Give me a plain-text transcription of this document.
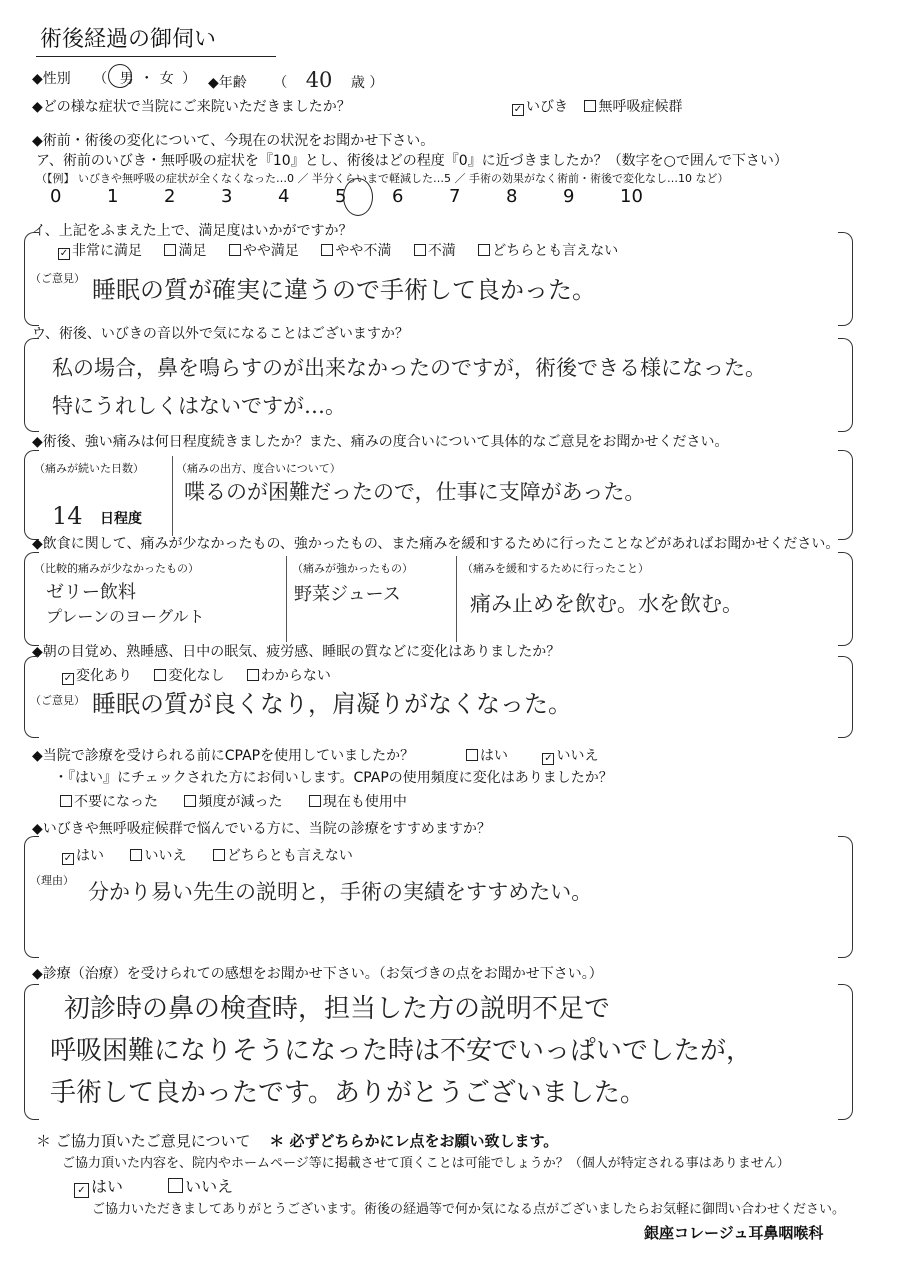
術後経過の御伺い
◆性別 （ 男 ・ 女 ） ◆年齢 （ 40 歳 ）
◆どの様な症状で当院にご来院いただきましたか？	✓ いびき 無呼吸症候群
◆術前・術後の変化について、今現在の状況をお聞かせ下さい。
ア、術前のいびき・無呼吸の症状を『10』とし、術後はどの程度『0』に近づきましたか？（数字を○で囲んで下さい）
（【例】 いびきや無呼吸の症状が全くなくなった…0 ／ 半分くらいまで軽減した…5 ／ 手術の効果がなく術前・術後で変化なし…10 など）
0	1	2	3	4	5	6	7	8	9	10
イ、上記をふまえた上で、満足度はいかがですか？
✓ 非常に満足	満足	やや満足	やや不満	不満	どちらとも言えない
（ご意見） 睡眠の質が確実に違うので手術して良かった。
ウ、術後、いびきの音以外で気になることはございますか？
私の場合，鼻を鳴らすのが出来なかったのですが，術後できる様になった。
特にうれしくはないですが…。
◆術後、強い痛みは何日程度続きましたか？また、痛みの度合いについて具体的なご意見をお聞かせください。
（痛みが続いた日数）
14 日程度
（痛みの出方、度合いについて）
喋るのが困難だったので，仕事に支障があった。
◆飲食に関して、痛みが少なかったもの、強かったもの、また痛みを緩和するために行ったことなどがあればお聞かせください。
（比較的痛みが少なかったもの）
ゼリー飲料
プレーンのヨーグルト
（痛みが強かったもの）
野菜ジュース
（痛みを緩和するために行ったこと）
痛み止めを飲む。水を飲む。
◆朝の目覚め、熟睡感、日中の眠気、疲労感、睡眠の質などに変化はありましたか？
✓ 変化あり	変化なし	わからない
（ご意見） 睡眠の質が良くなり，肩凝りがなくなった。
◆当院で診療を受けられる前にCPAPを使用していましたか？	はい	✓ いいえ
・『はい』にチェックされた方にお伺いします。CPAPの使用頻度に変化はありましたか？
不要になった	頻度が減った	現在も使用中
◆いびきや無呼吸症候群で悩んでいる方に、当院の診療をすすめますか？
✓ はい	いいえ	どちらとも言えない
（理由） 分かり易い先生の説明と，手術の実績をすすめたい。
◆診療（治療）を受けられての感想をお聞かせ下さい。（お気づきの点をお聞かせ下さい。）
初診時の鼻の検査時，担当した方の説明不足で
呼吸困難になりそうになった時は不安でいっぱいでしたが，
手術して良かったです。ありがとうございました。
＊ ご協力頂いたご意見について ＊ 必ずどちらかにレ点をお願い致します。
ご協力頂いた内容を、院内やホームページ等に掲載させて頂くことは可能でしょうか？（個人が特定される事はありません）
✓ はい	いいえ
ご協力いただきましてありがとうございます。術後の経過等で何か気になる点がございましたらお気軽に御問い合わせください。
銀座コレージュ耳鼻咽喉科
